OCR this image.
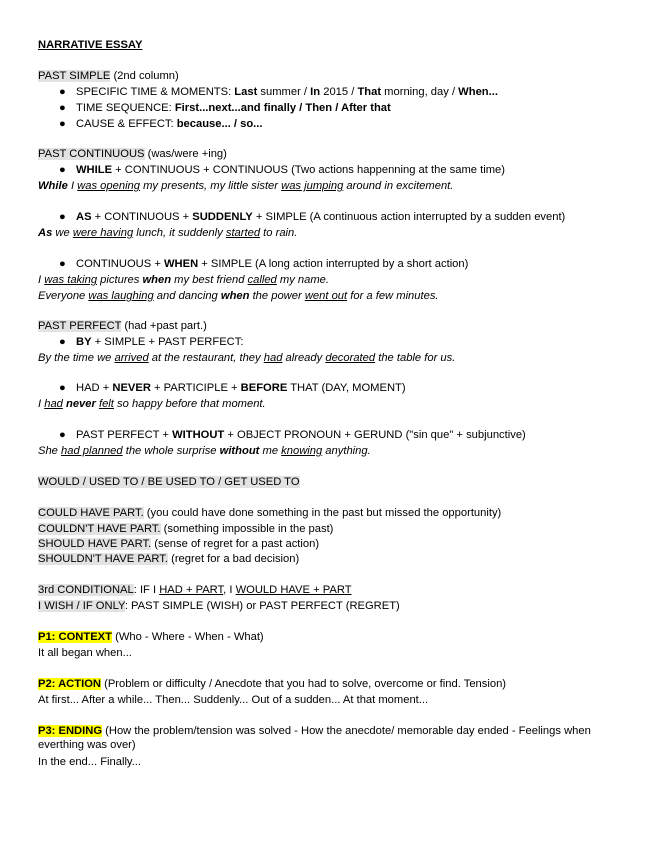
NARRATIVE ESSAY
PAST SIMPLE (2nd column)
● SPECIFIC TIME & MOMENTS: Last summer / In 2015 / That morning, day / When...
● TIME SEQUENCE: First...next...and finally / Then / After that
● CAUSE & EFFECT: because... / so...
PAST CONTINUOUS (was/were +ing)
● WHILE + CONTINUOUS + CONTINUOUS (Two actions happenning at the same time)
While I was opening my presents, my little sister was jumping around in excitement.
● AS + CONTINUOUS + SUDDENLY + SIMPLE (A continuous action interrupted by a sudden event)
As we were having lunch, it suddenly started to rain.
● CONTINUOUS + WHEN + SIMPLE (A long action interrupted by a short action)
I was taking pictures when my best friend called my name.
Everyone was laughing and dancing when the power went out for a few minutes.
PAST PERFECT (had +past part.)
● BY + SIMPLE + PAST PERFECT:
By the time we arrived at the restaurant, they had already decorated the table for us.
● HAD + NEVER + PARTICIPLE + BEFORE THAT (DAY, MOMENT)
I had never felt so happy before that moment.
● PAST PERFECT + WITHOUT + OBJECT PRONOUN + GERUND ("sin que" + subjunctive)
She had planned the whole surprise without me knowing anything.
WOULD / USED TO / BE USED TO / GET USED TO
COULD HAVE PART. (you could have done something in the past but missed the opportunity)
COULDN'T HAVE PART. (something impossible in the past)
SHOULD HAVE PART. (sense of regret for a past action)
SHOULDN'T HAVE PART. (regret for a bad decision)
3rd CONDITIONAL: IF I HAD + PART, I WOULD HAVE + PART
I WISH / IF ONLY: PAST SIMPLE (WISH) or PAST PERFECT (REGRET)
P1: CONTEXT (Who - Where - When - What)
It all began when...
P2: ACTION (Problem or difficulty / Anecdote that you had to solve, overcome or find. Tension)
At first... After a while... Then... Suddenly... Out of a sudden... At that moment...
P3: ENDING (How the problem/tension was solved - How the anecdote/ memorable day ended - Feelings when everthing was over)
In the end... Finally...
